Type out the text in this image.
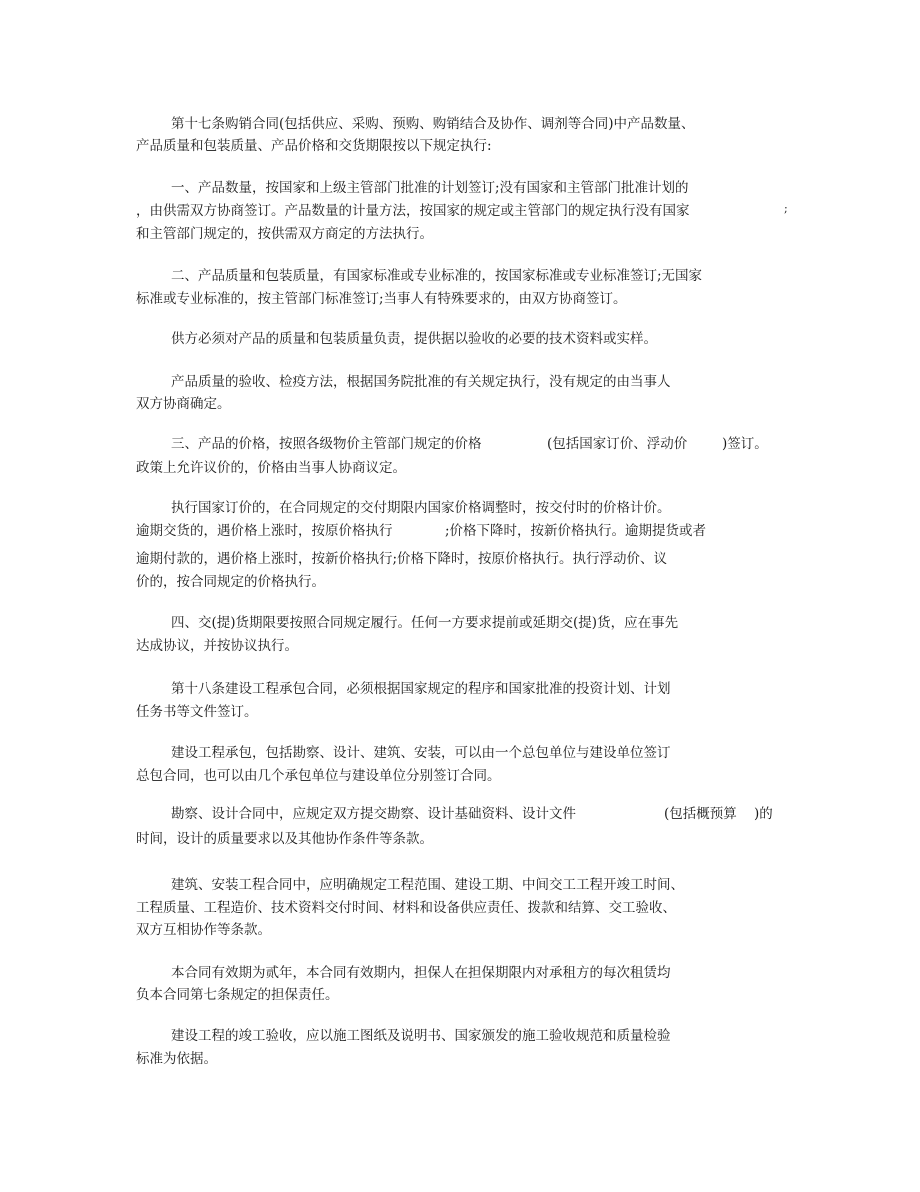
第十七条购销合同(包括供应、采购、预购、购销结合及协作、调剂等合同)中产品数量、
产品质量和包装质量、产品价格和交货期限按以下规定执行:
一、产品数量，按国家和上级主管部门批准的计划签订;没有国家和主管部门批准计划的
，由供需双方协商签订。产品数量的计量方法，按国家的规定或主管部门的规定执行没有国家	;
和主管部门规定的，按供需双方商定的方法执行。
二、产品质量和包装质量，有国家标准或专业标准的，按国家标准或专业标准签订;无国家
标准或专业标准的，按主管部门标准签订;当事人有特殊要求的，由双方协商签订。
供方必须对产品的质量和包装质量负责，提供据以验收的必要的技术资料或实样。
产品质量的验收、检疫方法，根据国务院批准的有关规定执行，没有规定的由当事人
双方协商确定。
三、产品的价格，按照各级物价主管部门规定的价格	(包括国家订价、浮动价	)签订。
政策上允许议价的，价格由当事人协商议定。
执行国家订价的，在合同规定的交付期限内国家价格调整时，按交付时的价格计价。
逾期交货的，遇价格上涨时，按原价格执行	;价格下降时，按新价格执行。逾期提货或者
逾期付款的，遇价格上涨时，按新价格执行;价格下降时，按原价格执行。执行浮动价、议
价的，按合同规定的价格执行。
四、交(提)货期限要按照合同规定履行。任何一方要求提前或延期交(提)货，应在事先
达成协议，并按协议执行。
第十八条建设工程承包合同，必须根据国家规定的程序和国家批准的投资计划、计划
任务书等文件签订。
建设工程承包，包括勘察、设计、建筑、安装，可以由一个总包单位与建设单位签订
总包合同，也可以由几个承包单位与建设单位分别签订合同。
勘察、设计合同中，应规定双方提交勘察、设计基础资料、设计文件	(包括概预算 )的
时间，设计的质量要求以及其他协作条件等条款。
建筑、安装工程合同中，应明确规定工程范围、建设工期、中间交工工程开竣工时间、
工程质量、工程造价、技术资料交付时间、材料和设备供应责任、拨款和结算、交工验收、
双方互相协作等条款。
本合同有效期为贰年，本合同有效期内，担保人在担保期限内对承租方的每次租赁均
负本合同第七条规定的担保责任。
建设工程的竣工验收，应以施工图纸及说明书、国家颁发的施工验收规范和质量检验
标准为依据。
